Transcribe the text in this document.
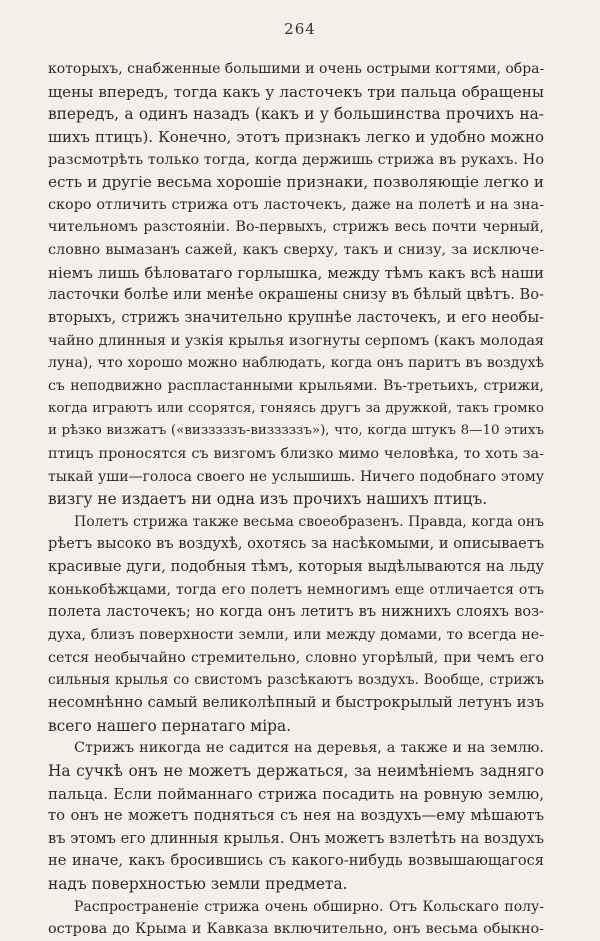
264
которыхъ, снабженные большими и очень острыми когтями, обра-
щены впередъ, тогда какъ у ласточекъ три пальца обращены
впередъ, а одинъ назадъ (какъ и у большинства прочихъ на-
шихъ птицъ). Конечно, этотъ признакъ легко и удобно можно
разсмотрѣть только тогда, когда держишь стрижа въ рукахъ. Но
есть и другіе весьма хорошіе признаки, позволяющіе легко и
скоро отличить стрижа отъ ласточекъ, даже на полетѣ и на зна-
чительномъ разстояніи. Во-первыхъ, стрижъ весь почти черный,
словно вымазанъ сажей, какъ сверху, такъ и снизу, за исключе-
ніемъ лишь бѣловатаго горлышка, между тѣмъ какъ всѣ наши
ласточки болѣе или менѣе окрашены снизу въ бѣлый цвѣтъ. Во-
вторыхъ, стрижъ значительно крупнѣе ласточекъ, и его необы-
чайно длинныя и узкія крылья изогнуты серпомъ (какъ молодая
луна), что хорошо можно наблюдать, когда онъ паритъ въ воздухѣ
съ неподвижно распластанными крыльями. Въ-третьихъ, стрижи,
когда играютъ или ссорятся, гоняясь другъ за дружкой, такъ громко
и рѣзко визжатъ («визззззъ-визззззъ»), что, когда штукъ 8—10 этихъ
птицъ проносятся съ визгомъ близко мимо человѣка, то хоть за-
тыкай уши—голоса своего не услышишь. Ничего подобнаго этому
визгу не издаетъ ни одна изъ прочихъ нашихъ птицъ.
Полетъ стрижа также весьма своеобразенъ. Правда, когда онъ
рѣетъ высоко въ воздухѣ, охотясь за насѣкомыми, и описываетъ
красивые дуги, подобныя тѣмъ, которыя выдѣлываются на льду
конькобѣжцами, тогда его полетъ немногимъ еще отличается отъ
полета ласточекъ; но когда онъ летитъ въ нижнихъ слояхъ воз-
духа, близъ поверхности земли, или между домами, то всегда не-
сется необычайно стремительно, словно угорѣлый, при чемъ его
сильныя крылья со свистомъ разсѣкаютъ воздухъ. Вообще, стрижъ
несомнѣнно самый великолѣпный и быстрокрылый летунъ изъ
всего нашего пернатаго міра.
Стрижъ никогда не садится на деревья, а также и на землю.
На сучкѣ онъ не можетъ держаться, за неимѣніемъ задняго
пальца. Если пойманнаго стрижа посадить на ровную землю,
то онъ не можетъ подняться съ нея на воздухъ—ему мѣшаютъ
въ этомъ его длинныя крылья. Онъ можетъ взлетѣть на воздухъ
не иначе, какъ бросившись съ какого-нибудь возвышающагося
надъ поверхностью земли предмета.
Распространеніе стрижа очень обширно. Отъ Кольскаго полу-
острова до Крыма и Кавказа включительно, онъ весьма обыкно-
